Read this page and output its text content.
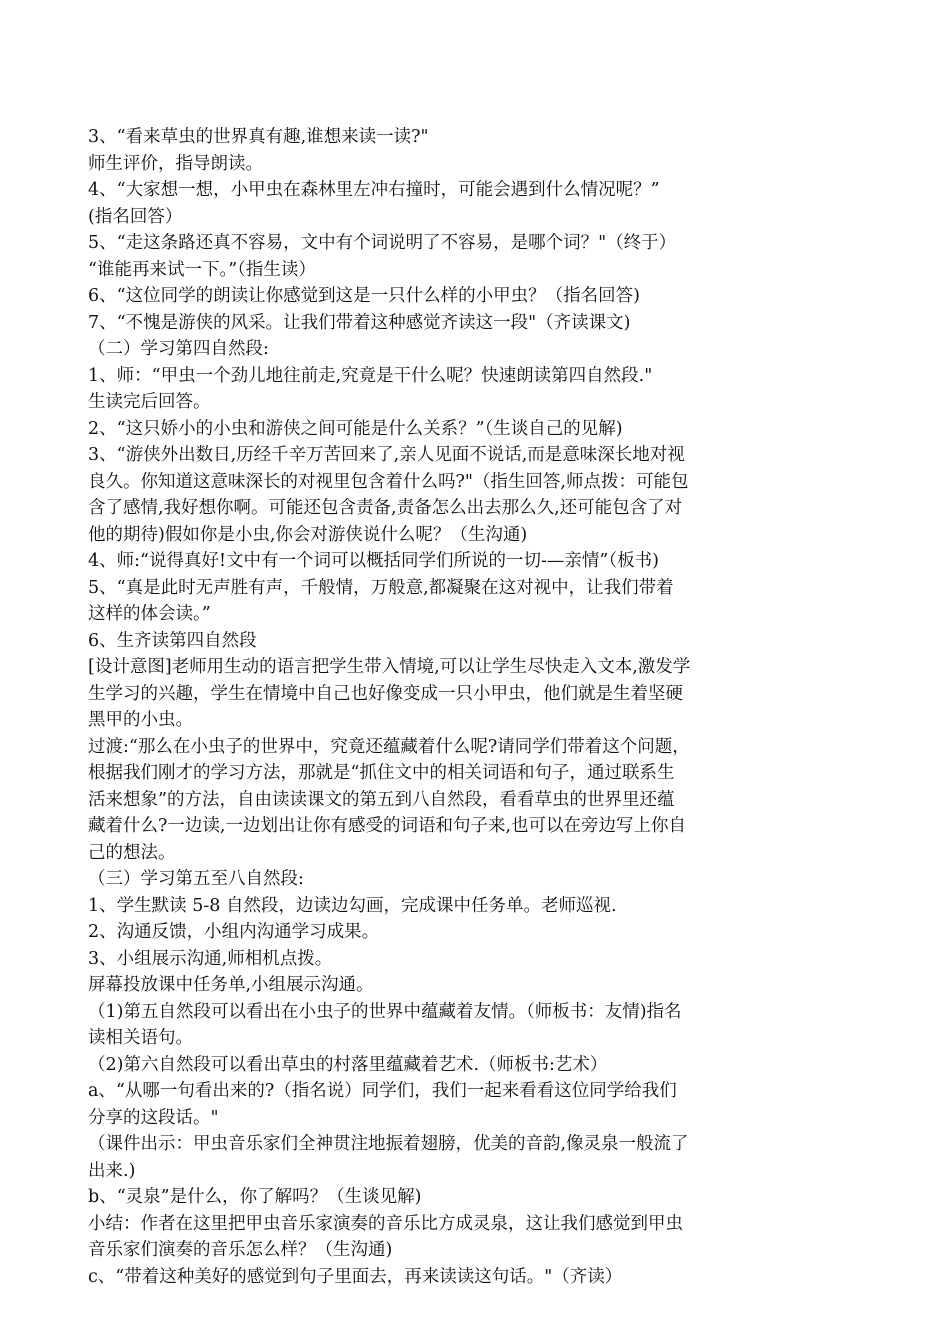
3、“看来草虫的世界真有趣,谁想来读一读?"
师生评价，指导朗读。
4、“大家想一想，小甲虫在森林里左冲右撞时，可能会遇到什么情况呢？”
(指名回答）
5、“走这条路还真不容易，文中有个词说明了不容易，是哪个词？"（终于）
“谁能再来试一下。”（指生读）
6、“这位同学的朗读让你感觉到这是一只什么样的小甲虫？（指名回答)
7、“不愧是游侠的风采。让我们带着这种感觉齐读这一段"（齐读课文)
（二）学习第四自然段:
1、师：“甲虫一个劲儿地往前走,究竟是干什么呢？快速朗读第四自然段."
生读完后回答。
2、“这只娇小的小虫和游侠之间可能是什么关系？”（生谈自己的见解)
3、“游侠外出数日,历经千辛万苦回来了,亲人见面不说话,而是意味深长地对视
良久。你知道这意味深长的对视里包含着什么吗?"（指生回答,师点拨：可能包
含了感情,我好想你啊。可能还包含责备,责备怎么出去那么久,还可能包含了对
他的期待)假如你是小虫,你会对游侠说什么呢？（生沟通)
4、师:“说得真好!文中有一个词可以概括同学们所说的一切-—亲情”（板书)
5、“真是此时无声胜有声，千般情，万般意,都凝聚在这对视中，让我们带着
这样的体会读。”
6、生齐读第四自然段
[设计意图]老师用生动的语言把学生带入情境,可以让学生尽快走入文本,激发学
生学习的兴趣，学生在情境中自己也好像变成一只小甲虫，他们就是生着坚硬
黑甲的小虫。
过渡:“那么在小虫子的世界中，究竟还蕴藏着什么呢?请同学们带着这个问题，
根据我们刚才的学习方法，那就是“抓住文中的相关词语和句子，通过联系生
活来想象”的方法，自由读读课文的第五到八自然段，看看草虫的世界里还蕴
藏着什么?一边读,一边划出让你有感受的词语和句子来,也可以在旁边写上你自
己的想法。
（三）学习第五至八自然段:
1、学生默读 5-8 自然段，边读边勾画，完成课中任务单。老师巡视.
2、沟通反馈，小组内沟通学习成果。
3、小组展示沟通,师相机点拨。
屏幕投放课中任务单,小组展示沟通。
（1)第五自然段可以看出在小虫子的世界中蕴藏着友情。（师板书：友情)指名
读相关语句。
（2)第六自然段可以看出草虫的村落里蕴藏着艺术.（师板书:艺术）
a、“从哪一句看出来的?（指名说）同学们，我们一起来看看这位同学给我们
分享的这段话。"
（课件出示：甲虫音乐家们全神贯注地振着翅膀，优美的音韵,像灵泉一般流了
出来.)
b、“灵泉”是什么，你了解吗？（生谈见解)
小结：作者在这里把甲虫音乐家演奏的音乐比方成灵泉，这让我们感觉到甲虫
音乐家们演奏的音乐怎么样？（生沟通)
c、“带着这种美好的感觉到句子里面去，再来读读这句话。"（齐读）
